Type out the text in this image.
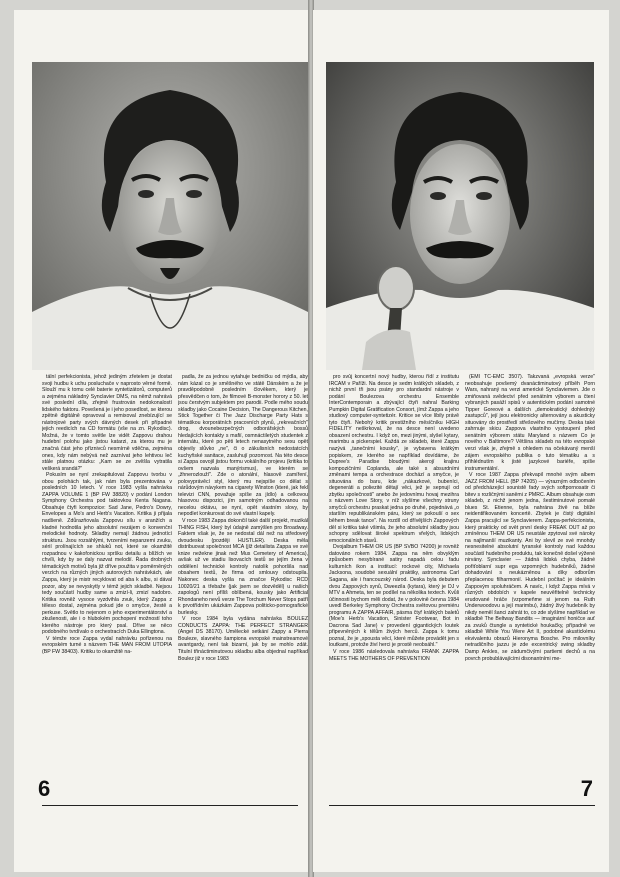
tální perfekcionista, jehož jediným zřetelem je dostat svoji hudbu k uchu posluchače v naprosto věrné formě. Slouží mu k tomu celé baterie syntetizátorů, computerů a zejména nákladný Synclavier DMS, na němž nahrává své poslední díla, zřejmě frustrován nedokonalostí lidského faktoru. Povešená je i jeho posedlost, se kterou zpětně digitálně opravoval a remixoval znebízující se nástrojové party svých dávných desek při případné jejich reedicích na CD formátu (vše na zn. Rykodisc). Možná, že v tomto světle lze vidět Zappovu drahou hudební polohu jako jistou katarzi, za kterou mu je značná část jeho příznivců nesmírně vděčna, zejména ones, kdy nám nebývá než zaznívat jeho lehtivou leč stále platnou otázku: „Kam se ze zvěšla vytratila veškerá srandá?"

Pokusím se nyní zrekapitulovat Zappovu tvorbu v obou polohách tak, jak nám byla prezentována v posledních 10 letech. V roce 1983 vyšla nahrávka ZAPPA VOLUME 1 (BP FW 38820) v podání London Symphony Orchestra pod taktovkou Kenta Nagana. Obsahuje čtyři kompozice: Sad Jane, Pedro's Dowry, Envelopes a Mo's and Herb's Vacation. Kritika ji přijala nadšeně. Zdůrazňovala Zappovu sílu v aranžích a kladné hodnotila jeho absolutní nezájem o konvenční melodické hodnoty. Skladby nemají žádnou jednotící strukturu. Jsou rozsáhlými, tvrzeními nepanzemi zvuku, sérií prolínajících se shluků not, které se okamžitě rozpadnou v kakofonickou spršku detailu a blížích ve chvíli, kdy by se daly nazvat melodií. Řada drobných tématických motivů byla již dříve použita v poměrněných verzích na různých jiných autorových nahrávkách, ale Zappa, který je mistr recyklovat od aba k albu, si dával pozor, aby se nevyskytly v témž jejich skladbě. Nejsou tedy součástí hudby same a zmizí-li, zmizí nadobro. Kritika rovněž vysoce vyzdvihla zvuk, který Zappa z těleso dostal, zejména pokud jde o smyčce, žestě a perkuse. Světlo to nejenom o jeho experimentátorství a zkušenosti, ale i o hlubokém pochopení možností toho kterého nástroje pro který psal. Dříve se něco podobného tvrdívalo o orchestracích Duka Ellingtona.

V témže roce Zappa vydal nahrávku pořízenou na evropském turné s názvem THE MAN FROM UTOPIA (BP FW 38403). Kritiku to okamžitě na-

padla, že za jednou vytahuje bedničku od mýdla, aby nám kázal co je směšného ve státě Dánském a že je pravděpodobně posledním člověkem, který je přesvědčen o tom, že filmové B-monster horory z 50. let jsou čerstvým subjektem pro parodii. Podle mého soudu skladby jako Cocaine Decision, The Dangerous Kitchen, Stick Together či The Jazz Discharge Party Hats s tématikou korporátních pracovních plynů, „rekreačních" drog, dvounebezpečných odborářských bossů hledajících kontakty s mafií, osmnáctiletých studentek z internátu, které po pěti letech nenasytného sexu opět objevily slůvko „ne", či o zákulisních nedostatcích kuchyňské sanitace, zasluhují pozornost. Na této desce si Zappa osvojil jistou formu vokálního projevu (kritika to ovšem nazvala manýrismus), ve kterém se „žhnerozlouží". Zde o atonální, hlasově zamíření, polovyprávěcí styl, který mu nejspíše co dělat s nárůdovým návykem na cigarety Winston (které, jak řekl televizi CNN, považuje spíše za jídlo) a celkovou hlasovou dispozici, jím samotným odhadovanou na necelou oktávu, se nyní, opět vlastním slovy, by nepodlet konkurovat do své vlastní kapely.

V roce 1983 Zappa dokončil také další projekt, muzikál THING FISH, který byl údajně zamýšlen pro Broadway. Faktem však je, že se nedostal dál než na středoveý dvoudesku (později HUSTLER). Deska měla distribuovat společnost MCA (jíž detailista Zappa ve své knize nežekne jinak než Mus Cemetery of America), avšak už ve stadiu lisovacích testů se jejím žena v oddělení technické kontroly natolik pohoršila nad obsahem textů, že firma od smlouvy odstoupila. Nakonec deska vyšla na značce Rykodisc RCD 10020/21 a třebaže (jak jsem se dozvěděl) u našich zapologů není příliš oblíbená, kousky jako Artificial Rhondaneho nevů verze The Torchum Never Stops patří k prvotřídním ukázkám Zappova politicko-pornografické burlesky.

V roce 1984 byla vydána nahrávka BOULEZ CONDUCTS ZAPPA: THE PERFECT STRANGER (Angel DS 38170). Umělecké setkání Zappy a Pierra Bouleze, slavného šampiona evropské mainstreamové avantgardy, není tak bizarní, jak by se mohlo zdát. Titulní třináctiminutovou skladbu alba objednal napříkad Boulez již v roce 1983

6

pro svůj koncertní nový hudby, kterou řídí z institutu IRCAM v Paříži. Na desce je sedm krátkých skladeb, z nichž první tři jsou psány pro standardní nástroje v podání Boulezova orchestru Ensemble InterContemporain a zbývající čtyři nahral Barking Pumpkin Digital Gratification Consort, jímž Zappa a jeho studiový computer-syntetizér. Kritice se více líbily právě tyto čtyři. Nebohý kritik prestižního měsíčníku HIGH FIDELITY neškrkoval, že na desce není uvedeno obsazení orchestru. I když on, mezi jinými, slyšel kytary, marimbu a pickerspiel. Každá ze skladeb, které Zappa nazývá „tanečními kousky", je vybavena krátkým popiskem, ze kterého se například dovídáme, že Dupree's Paradise bloudými akerojí krajinu kompozičními Coplanda, ale také s absurdními změnami tempa a orchestrace dochází a smyčce, je situována do baru, kde „nákazkové, bubeníci, degeneráti a poliezité dětají věci, jež je sepnují od zbytku společnosti" anebo že jedovnímu hovaj mezihra s názvem Love Story, v níž slyšíme všechny struny smyčců orchestru praskat jedna po druhé, pojednává „o starším republikánském páru, který se pokouší o sex během break tance". Na rozdíl od dřívějších Zappových děl si kritika také všimla, že jeho absolutní skladby jsou schopny sdělovat široké spektrum vřelých, lidských emocionálních stavů.

Dvojalbum THEM OR US (BP SVBO 74200) je rovněž datováno rokem 1984. Zappa na něm obvyklým způsobem nesybírané satiry napadá celou řadu kulturních ikon a institucí: rockové city, Michaela Jacksona, soudobé sexuální praktiky, astronoma Carl Sagana, ale i francouzský národ. Deska byla debutem dvou Zappových synů, Dweezila (kytara), který je DJ v MTV a Ahmeta, ten se podílel na několika textech. Kvůli účinnosti bychom měli dodat, že v polovině června 1984 uvedl Berkeley Symphony Orchestra světovou premiéru programu A ZAPPA AFFAIR, pásma čtyř krátkých baletů (Moe's Herb's Vacation, Sinister Footwear, Bot in Dacrona Sad Jane) v provedení gigantických loutek připevněných k tělům živých herců. Zappa k tomu poznal, že je „spousta věcí, které můžete provádět jen s loutkami, protože živí herci je prostě neobsáhl."

V roce 1986 následovala nahrávka FRANK ZAPPA MEETS THE MOTHERS OF PREVENTION

(EMI TC-EMC 3507). Takzvaná „evropská verze" neobsahuje povšemý dvanáctiminutový příběh Porn Wars, nahraný na verzi americké Synclaviemen. Jde o zmiňovaná svědectví před senátním výborem a čtení vybraných pasáží spisů v autentickém podání samotné Tipper Goreové a dalších „demokratický dohlednýý zastupců", její jsou elektronicky alternovány a akusticky situovány do prostředí střešového mučírny. Deska také zahrnuje skicu Zappova vlastního vystoupení před senátním výborem státu Maryland s názvem Co je nového v Baltimore? Většina skladeb na této evropské verzi však je, zřejmě s ohledem na očekávaný menší zájem evropského publika o tuto tématiku a s přihlédnutím k jisté jazykové bariéře, spíše instrumentální.

V roce 1987 Zappa překvapil mnohé svým albem JAZZ FROM HELL (BP 74205) — výrazným odbočením od předcházející sounistě řady svých softpornosatir či bitev s rozličnými saněmi z PMRC. Album obsahuje osm skladeb, z nichž jenom jedna, šestiminutové pomalé blues St. Etienne, byla nahrána živě na blíže neidentifikovaném koncertě. Zbytek je čistý digitální Zappa pracující se Synclavierem. Zappa-perfekcionista, který prakticky od svět první desky FREAK OUT až po zmíněnou THEM OR US neustále zpytoval své nároky na najlmanší muzikanty. Ani by slevil ze své mnohdy nesnesitelné absolutní tyranské kontroly nad každou součástí hudebního produktu, tak konečně došel výžené nirvány. Synclavier — žádná lidská chyba, žádné pořiťoblarní supr ega vzpomných hudebníků, žádné dohadování s neukázněnou a díky odborům přeplacenou filharmonií. Hudební počítač je ideálním Zappovým spoluhráčem. A navíc, i když Zappa mívá v různých obdobích v kapele neuvěřitelně technicky erudované hráče (vzpomeňme si jenom na Ruth Underwoodovu a její marimbu), žádný živý hudebník by nikdy neměl šanci zahrát to, co zde slyšíme například ve skladbě The Beltway Bandits — imaginární honičce auť za zvuků čtungle a syntetické houkačky, případně ve skladbě While You Were Art II, podobné akustickému ekvivalentu obrazů Hieronyma Bosche. Pro milovníky netradičního jazzu je zde excentrický swing skladby Damp Ankles, se zádumčivými partiemi dechů a na povrch probublávajícími disonantními me-

7
